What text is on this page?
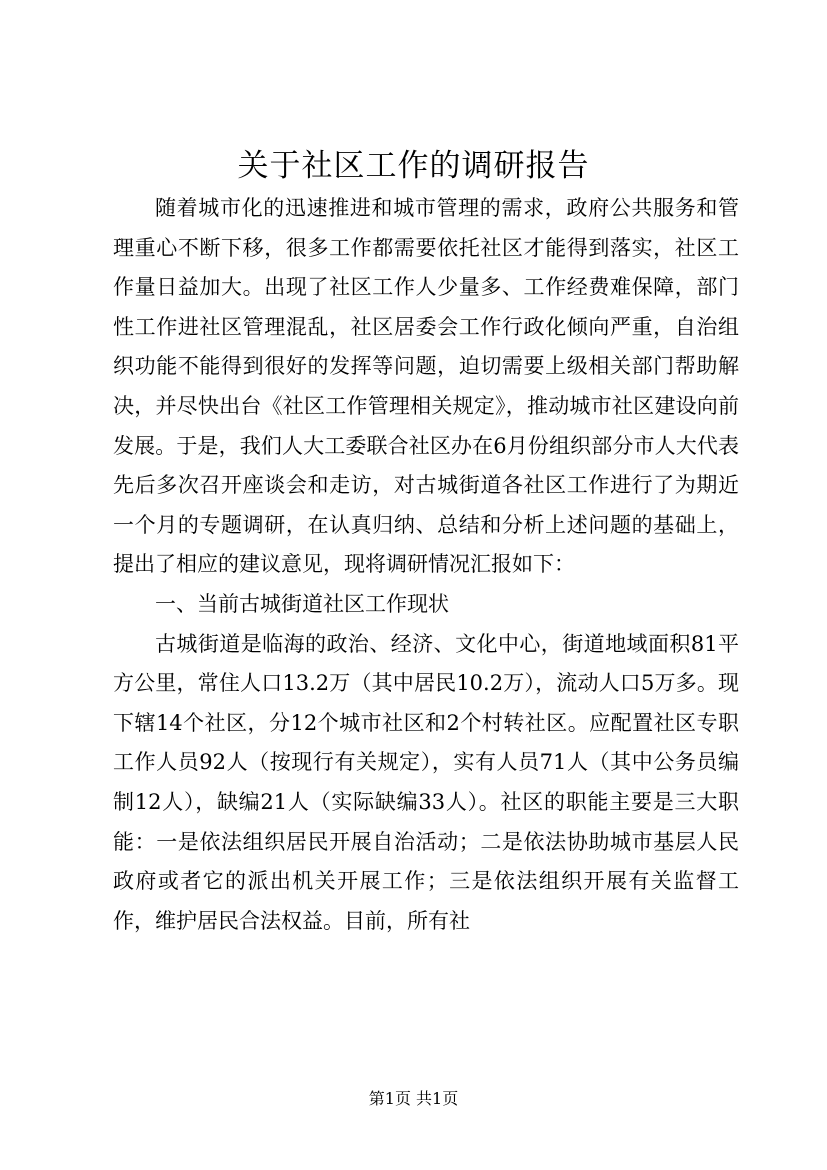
关于社区工作的调研报告

随着城市化的迅速推进和城市管理的需求，政府公共服务和管理重心不断下移，很多工作都需要依托社区才能得到落实，社区工作量日益加大。出现了社区工作人少量多、工作经费难保障，部门性工作进社区管理混乱，社区居委会工作行政化倾向严重，自治组织功能不能得到很好的发挥等问题，迫切需要上级相关部门帮助解决，并尽快出台《社区工作管理相关规定》，推动城市社区建设向前发展。于是，我们人大工委联合社区办在6月份组织部分市人大代表先后多次召开座谈会和走访，对古城街道各社区工作进行了为期近一个月的专题调研，在认真归纳、总结和分析上述问题的基础上，提出了相应的建议意见，现将调研情况汇报如下：

一、当前古城街道社区工作现状

古城街道是临海的政治、经济、文化中心，街道地域面积81平方公里，常住人口13.2万（其中居民10.2万），流动人口5万多。现下辖14个社区，分12个城市社区和2个村转社区。应配置社区专职工作人员92人（按现行有关规定），实有人员71人（其中公务员编制12人），缺编21人（实际缺编33人）。社区的职能主要是三大职能：一是依法组织居民开展自治活动；二是依法协助城市基层人民政府或者它的派出机关开展工作；三是依法组织开展有关监督工作，维护居民合法权益。目前，所有社

第1页 共1页
